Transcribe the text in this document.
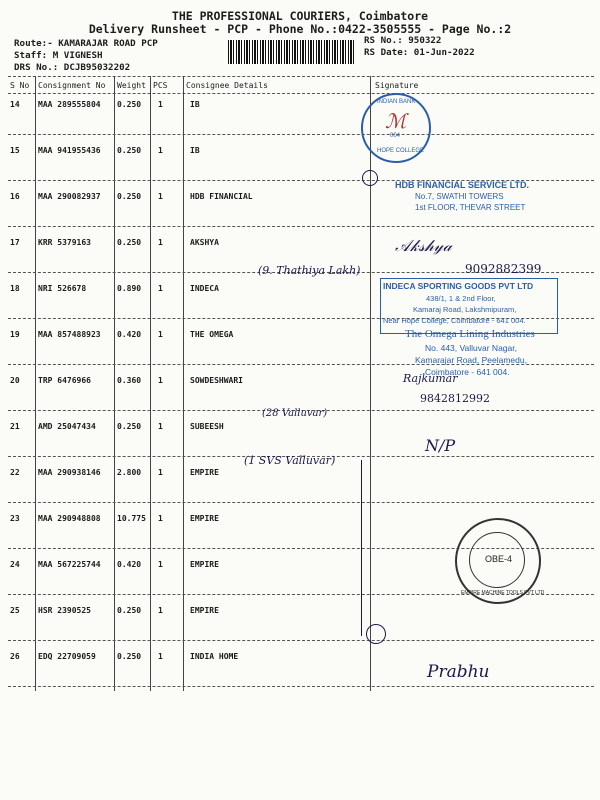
THE PROFESSIONAL COURIERS, Coimbatore
Delivery Runsheet - PCP - Phone No.:0422-3505555 - Page No.:2
Route:- KAMARAJAR ROAD PCP
Staff: M VIGNESH
DRS No.: DCJB95032202
RS No.: 950322
RS Date: 01-Jun-2022
S No Consignment No Weight PCS Consignee Details	Signature
14 MAA 289555804 0.250 1	IB
15 MAA 941955436 0.250 1	IB
16 MAA 290082937 0.250 1	HDB FINANCIAL
17 KRR 5379163	0.250 1	AKSHYA
18 NRI 526678	0.890 1	INDECA
19 MAA 857488923 0.420 1	THE OMEGA
20 TRP 6476966	0.360 1	SOWDESHWARI
21 AMD 25047434	0.250 1	SUBEESH
22 MAA 290938146 2.800 1	EMPIRE
23 MAA 290948808 10.775 1	EMPIRE
24 MAA 567225744 0.420 1	EMPIRE
25 HSR 2390525	0.250 1	EMPIRE
26 EDQ 22709059	0.250 1	INDIA HOME
INDIAN BANK
004
HOPE COLLEGE
ℳ
HDB FINANCIAL SERVICE LTD.
No.7, SWATHI TOWERS
1st FLOOR, THEVAR STREET
INDECA SPORTING GOODS PVT LTD
438/1, 1 & 2nd Floor,
Kamaraj Road, Lakshmipuram,
Near Hope College, Coimbatore - 641 004.
The Omega Lining Industries
No. 443, Valluvar Nagar,
Kamarajar Road, Peelamedu,
Coimbatore - 641 004.
OBE-4
EMPIRE MACHINE TOOLS PVT LTD
(9. Thathiya Lakh)
𝒜𝓀𝓈𝒽𝓎𝒶
9092882399
Rajkumar
9842812992
(28 Valluvar)
N/P
(1 SVS Valluvar)
Prabhu
